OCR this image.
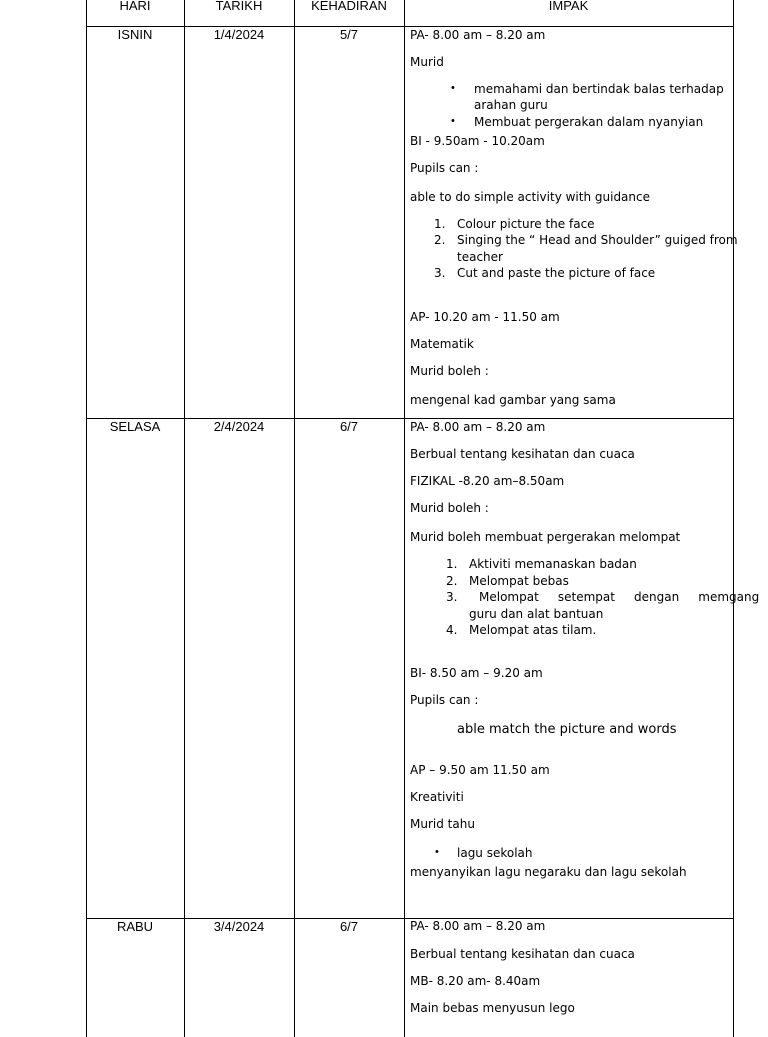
HARI	TARIKH	KEHADIRAN	IMPAK
ISNIN	1/4/2024	5/7	PA- 8.00 am – 8.20 am
Murid
• memahami dan bertindak balas terhadap
arahan guru
• Membuat pergerakan dalam nyanyian
BI - 9.50am - 10.20am
Pupils can :
able to do simple activity with guidance
1. Colour picture the face
2. Singing the “ Head and Shoulder” guiged from
teacher
3. Cut and paste the picture of face
AP- 10.20 am - 11.50 am
Matematik
Murid boleh :
mengenal kad gambar yang sama
SELASA	2/4/2024	6/7	PA- 8.00 am – 8.20 am
Berbual tentang kesihatan dan cuaca
FIZIKAL -8.20 am–8.50am
Murid boleh :
Murid boleh membuat pergerakan melompat
1. Aktiviti memanaskan badan
2. Melompat bebas
3. Melompat     setempat     dengan     memgang
guru dan alat bantuan
4. Melompat atas tilam.
BI- 8.50 am – 9.20 am
Pupils can :
able match the picture and words
AP – 9.50 am 11.50 am
Kreativiti
Murid tahu
• lagu sekolah
menyanyikan lagu negaraku dan lagu sekolah
RABU	3/4/2024	6/7	PA- 8.00 am – 8.20 am
Berbual tentang kesihatan dan cuaca
MB- 8.20 am- 8.40am
Main bebas menyusun lego
